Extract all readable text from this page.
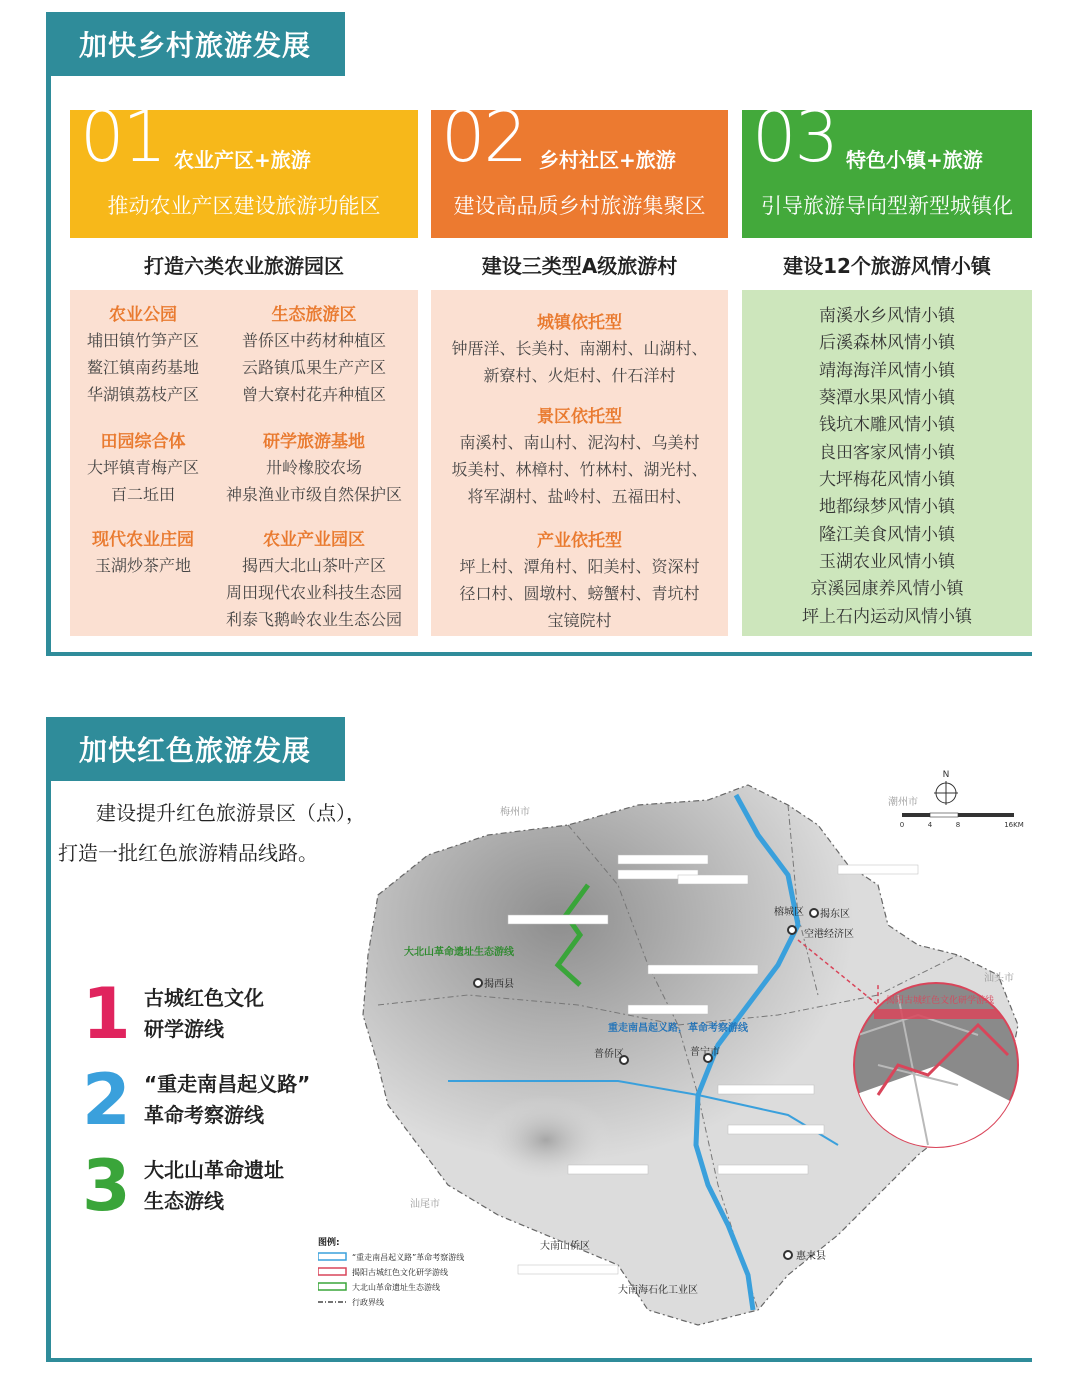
加快乡村旅游发展
01 农业产区+旅游
推动农业产区建设旅游功能区
02 乡村社区+旅游
建设高品质乡村旅游集聚区
03 特色小镇+旅游
引导旅游导向型新型城镇化
打造六类农业旅游园区	建设三类型A级旅游村	建设12个旅游风情小镇
农业公园
埔田镇竹笋产区
鳌江镇南药基地
华湖镇荔枝产区
生态旅游区
普侨区中药材种植区
云路镇瓜果生产产区
曾大寮村花卉种植区
田园综合体
大坪镇青梅产区
百二坵田
研学旅游基地
卅岭橡胶农场
神泉渔业市级自然保护区
现代农业庄园
玉湖炒茶产地
农业产业园区
揭西大北山茶叶产区
周田现代农业科技生态园
利泰飞鹅岭农业生态公园
城镇依托型
钟厝洋、长美村、南潮村、山湖村、
新寮村、火炬村、什石洋村
景区依托型
南溪村、南山村、泥沟村、乌美村
坂美村、林樟村、竹林村、湖光村、
将军湖村、盐岭村、五福田村、
产业依托型
坪上村、潭角村、阳美村、资深村
径口村、圆墩村、螃蟹村、青坑村
宝镜院村
南溪水乡风情小镇
后溪森林风情小镇
靖海海洋风情小镇
葵潭水果风情小镇
钱坑木雕风情小镇
良田客家风情小镇
大坪梅花风情小镇
地都绿梦风情小镇
隆江美食风情小镇
玉湖农业风情小镇
京溪园康养风情小镇
坪上石内运动风情小镇
加快红色旅游发展
建设提升红色旅游景区（点），
打造一批红色旅游精品线路。
1 古城红色文化
研学游线
2 “重走南昌起义路”
革命考察游线
3 大北山革命遗址
生态游线
揭阳古城红色文化研学游线
揭西县
普宁市
普侨区
揭东区
空港经济区
榕城区
惠来县
大南山侨区
大南海石化工业区
梅州市
潮州市
汕尾市
汕头市
大北山革命遗址生态游线
重走南昌起义路，革命考察游线
N
0	4	8	16KM
图例:
“重走南昌起义路”革命考察游线
揭阳古城红色文化研学游线
大北山革命遗址生态游线
行政界线
